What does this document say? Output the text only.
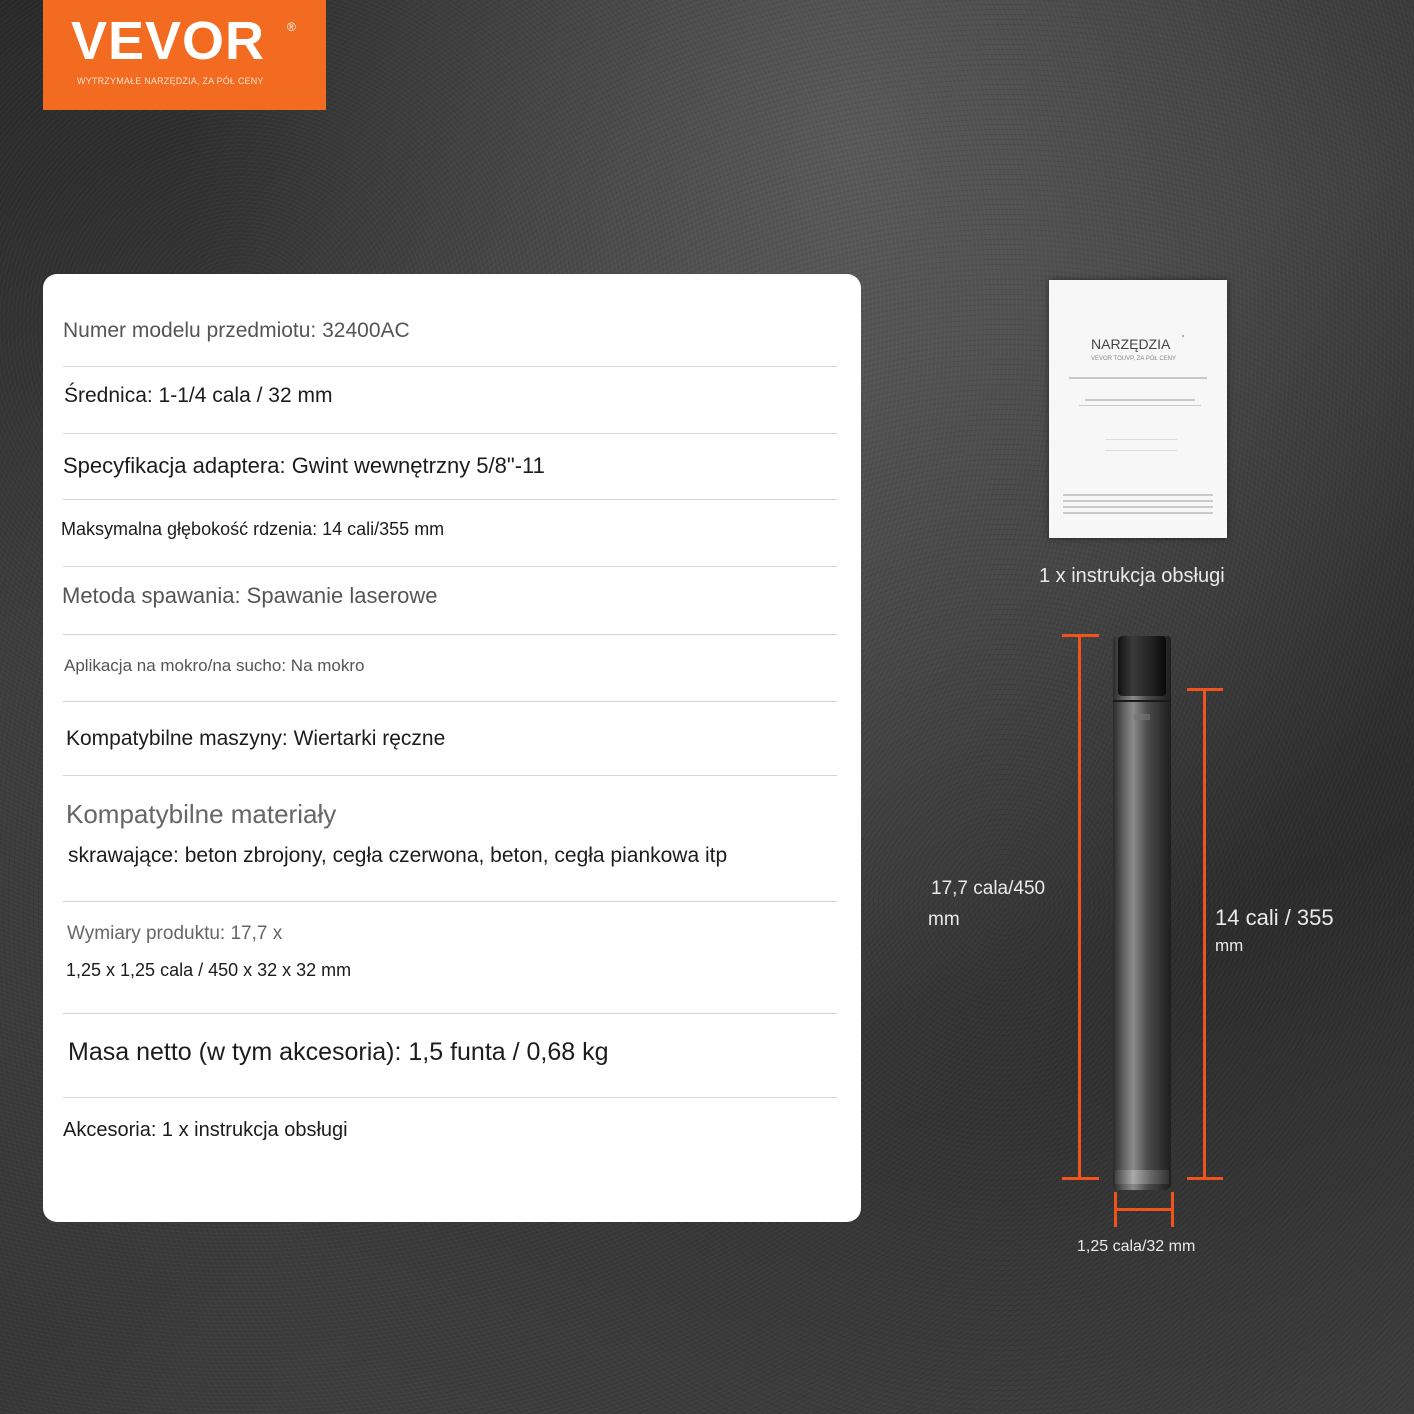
VEVOR ®
WYTRZYMAŁE NARZĘDZIA, ZA PÓŁ CENY
Numer modelu przedmiotu: 32400AC
Średnica: 1-1/4 cala / 32 mm
Specyfikacja adaptera: Gwint wewnętrzny 5/8"-11
Maksymalna głębokość rdzenia: 14 cali/355 mm
Metoda spawania: Spawanie laserowe
Aplikacja na mokro/na sucho: Na mokro
Kompatybilne maszyny: Wiertarki ręczne
Kompatybilne materiały
skrawające: beton zbrojony, cegła czerwona, beton, cegła piankowa itp
Wymiary produktu: 17,7 x
1,25 x 1,25 cala / 450 x 32 x 32 mm
Masa netto (w tym akcesoria): 1,5 funta / 0,68 kg
Akcesoria: 1 x instrukcja obsługi
NARZĘDZIA '
VEVOR TOUVP, ZA PÓŁ CENY
1 x instrukcja obsługi
17,7 cala/450
mm	14 cali / 355
mm
1,25 cala/32 mm
